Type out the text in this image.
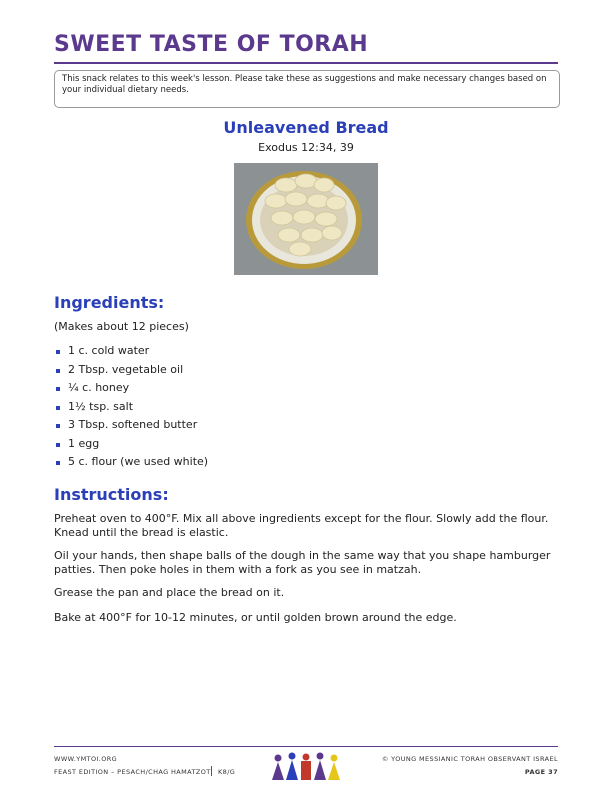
SWEET TASTE OF TORAH
This snack relates to this week's lesson. Please take these as suggestions and make necessary changes based on your individual dietary needs.
Unleavened Bread
Exodus 12:34, 39
Ingredients:
(Makes about 12 pieces)
1 c. cold water
2 Tbsp. vegetable oil
¼ c. honey
1½ tsp. salt
3 Tbsp. softened butter
1 egg
5 c. flour (we used white)
Instructions:
Preheat oven to 400°F. Mix all above ingredients except for the flour. Slowly add the flour. Knead until the bread is elastic.
Oil your hands, then shape balls of the dough in the same way that you shape hamburger patties. Then poke holes in them with a fork as you see in matzah.
Grease the pan and place the bread on it.
Bake at 400°F for 10-12 minutes, or until golden brown around the edge.
WWW.YMTOI.ORG
FEAST EDITION – PESACH/CHAG HAMATZOT K8/G
© YOUNG MESSIANIC TORAH OBSERVANT ISRAEL
PAGE 37
